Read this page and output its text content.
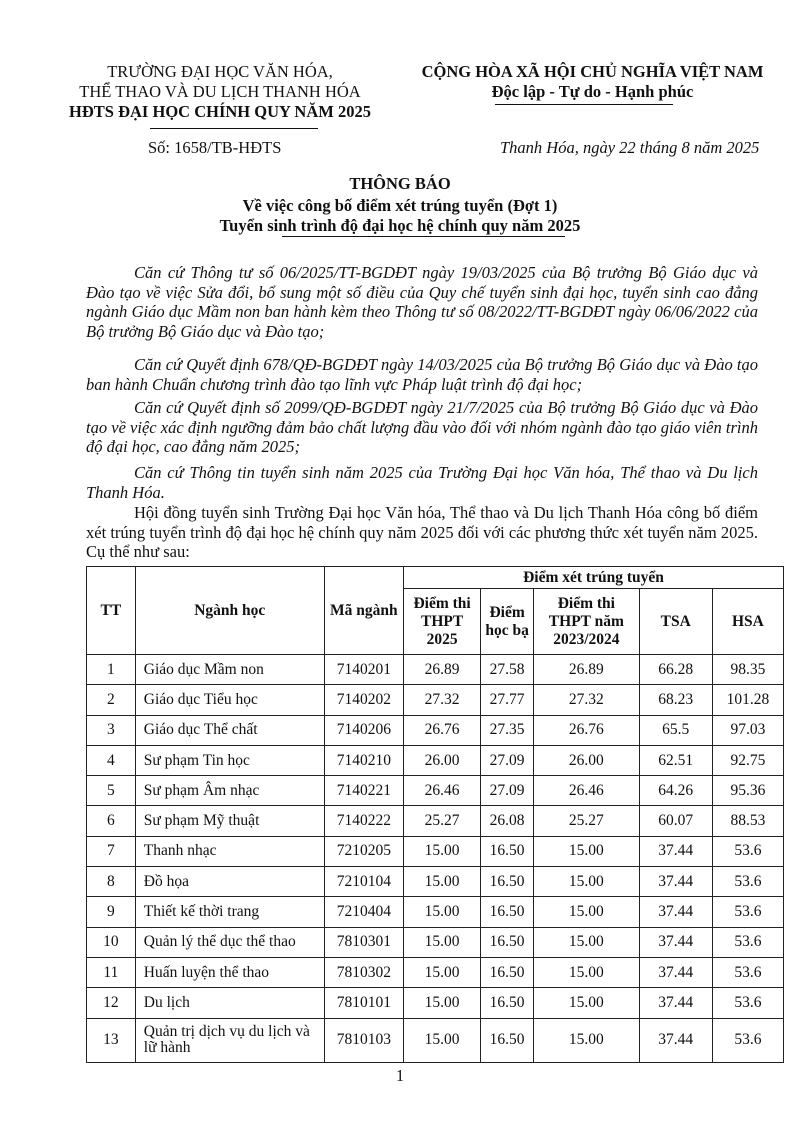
TRƯỜNG ĐẠI HỌC VĂN HÓA,
THỂ THAO VÀ DU LỊCH THANH HÓA
HĐTS ĐẠI HỌC CHÍNH QUY NĂM 2025
CỘNG HÒA XÃ HỘI CHỦ NGHĨA VIỆT NAM
Độc lập - Tự do - Hạnh phúc
Số: 1658/TB-HĐTS	Thanh Hóa, ngày 22 tháng 8 năm 2025
THÔNG BÁO
Về việc công bố điểm xét trúng tuyển (Đợt 1)
Tuyển sinh trình độ đại học hệ chính quy năm 2025
Căn cứ Thông tư số 06/2025/TT-BGDĐT ngày 19/03/2025 của Bộ trưởng Bộ Giáo dục và Đào tạo về việc Sửa đổi, bổ sung một số điều của Quy chế tuyển sinh đại học, tuyển sinh cao đẳng ngành Giáo dục Mầm non ban hành kèm theo Thông tư số 08/2022/TT-BGDĐT ngày 06/06/2022 của Bộ trưởng Bộ Giáo dục và Đào tạo;
Căn cứ Quyết định 678/QĐ-BGDĐT ngày 14/03/2025 của Bộ trưởng Bộ Giáo dục và Đào tạo ban hành Chuẩn chương trình đào tạo lĩnh vực Pháp luật trình độ đại học;
Căn cứ Quyết định số 2099/QĐ-BGDĐT ngày 21/7/2025 của Bộ trưởng Bộ Giáo dục và Đào tạo về việc xác định ngưỡng đảm bảo chất lượng đầu vào đối với nhóm ngành đào tạo giáo viên trình độ đại học, cao đẳng năm 2025;
Căn cứ Thông tin tuyển sinh năm 2025 của Trường Đại học Văn hóa, Thể thao và Du lịch Thanh Hóa.
Hội đồng tuyển sinh Trường Đại học Văn hóa, Thể thao và Du lịch Thanh Hóa công bố điểm xét trúng tuyển trình độ đại học hệ chính quy năm 2025 đối với các phương thức xét tuyển năm 2025. Cụ thể như sau:
TT	Ngành học	Mã ngành	Điểm xét trúng tuyển				
			Điểm thi THPT 2025	Điểm học bạ	Điểm thi THPT năm 2023/2024	TSA	HSA
1	Giáo dục Mầm non	7140201	26.89	27.58	26.89	66.28	98.35
2	Giáo dục Tiểu học	7140202	27.32	27.77	27.32	68.23	101.28
3	Giáo dục Thể chất	7140206	26.76	27.35	26.76	65.5	97.03
4	Sư phạm Tin học	7140210	26.00	27.09	26.00	62.51	92.75
5	Sư phạm Âm nhạc	7140221	26.46	27.09	26.46	64.26	95.36
6	Sư phạm Mỹ thuật	7140222	25.27	26.08	25.27	60.07	88.53
7	Thanh nhạc	7210205	15.00	16.50	15.00	37.44	53.6
8	Đồ họa	7210104	15.00	16.50	15.00	37.44	53.6
9	Thiết kế thời trang	7210404	15.00	16.50	15.00	37.44	53.6
10	Quản lý thể dục thể thao	7810301	15.00	16.50	15.00	37.44	53.6
11	Huấn luyện thể thao	7810302	15.00	16.50	15.00	37.44	53.6
12	Du lịch	7810101	15.00	16.50	15.00	37.44	53.6
13	Quản trị dịch vụ du lịch và lữ hành	7810103	15.00	16.50	15.00	37.44	53.6
1
